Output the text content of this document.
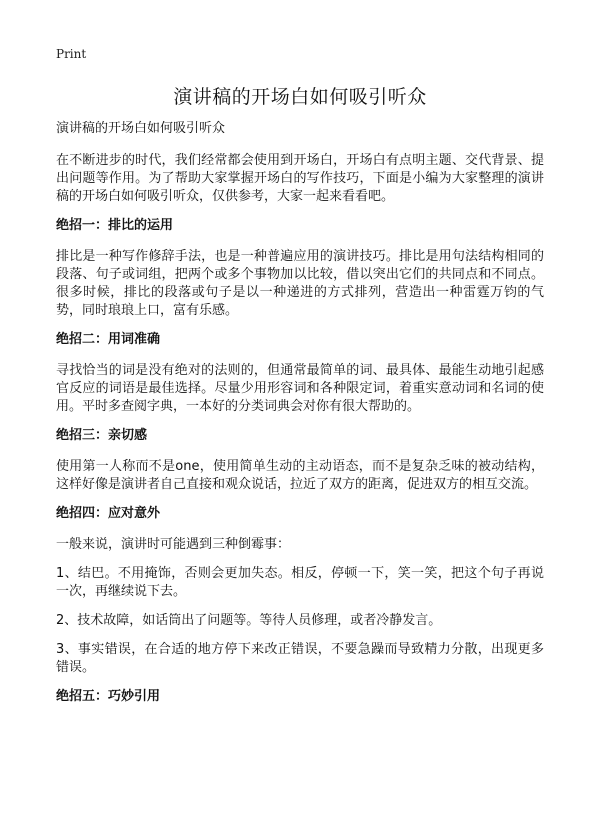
Print
演讲稿的开场白如何吸引听众
演讲稿的开场白如何吸引听众

在不断进步的时代，我们经常都会使用到开场白，开场白有点明主题、交代背景、提出问题等作用。为了帮助大家掌握开场白的写作技巧，下面是小编为大家整理的演讲稿的开场白如何吸引听众，仅供参考，大家一起来看看吧。

绝招一：排比的运用

排比是一种写作修辞手法，也是一种普遍应用的演讲技巧。排比是用句法结构相同的段落、句子或词组，把两个或多个事物加以比较，借以突出它们的共同点和不同点。很多时候，排比的段落或句子是以一种递进的方式排列，营造出一种雷霆万钧的气势，同时琅琅上口，富有乐感。

绝招二：用词准确

寻找恰当的词是没有绝对的法则的，但通常最简单的词、最具体、最能生动地引起感官反应的词语是最佳选择。尽量少用形容词和各种限定词，着重实意动词和名词的使用。平时多查阅字典，一本好的分类词典会对你有很大帮助的。

绝招三：亲切感

使用第一人称而不是one，使用简单生动的主动语态，而不是复杂乏味的被动结构，这样好像是演讲者自己直接和观众说话，拉近了双方的距离，促进双方的相互交流。

绝招四：应对意外

一般来说，演讲时可能遇到三种倒霉事：

1、结巴。不用掩饰，否则会更加失态。相反，停顿一下，笑一笑，把这个句子再说一次，再继续说下去。

2、技术故障，如话筒出了问题等。等待人员修理，或者冷静发言。

3、事实错误，在合适的地方停下来改正错误，不要急躁而导致精力分散，出现更多错误。

绝招五：巧妙引用
